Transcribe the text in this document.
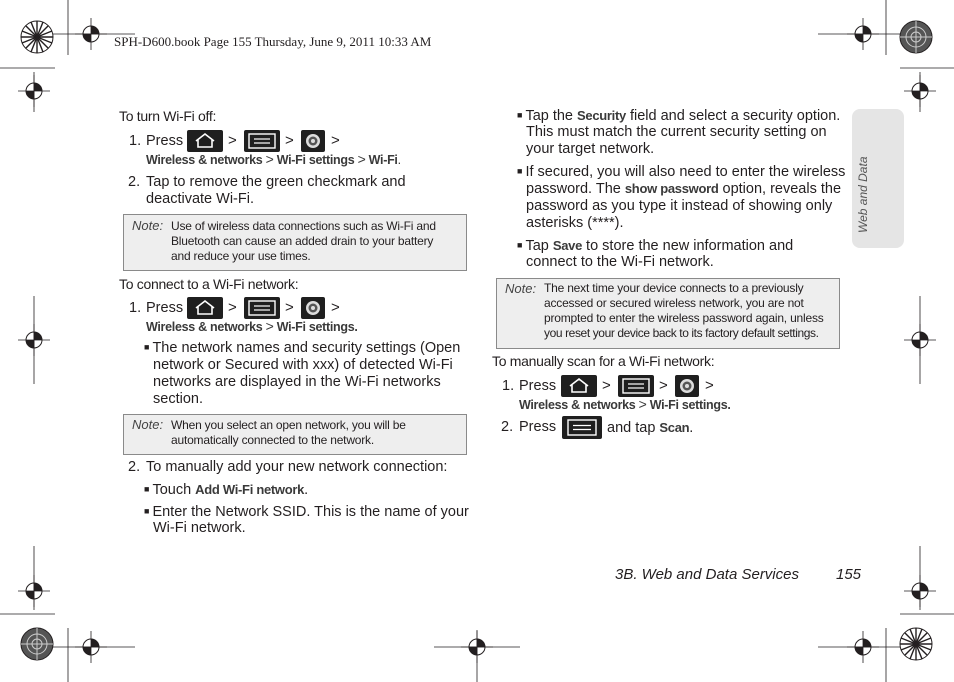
SPH-D600.book Page 155 Thursday, June 9, 2011 10:33 AM
Web and Data
To turn Wi-Fi off:
1. Press	>	> >
Wireless & networks > Wi-Fi settings > Wi-Fi.
2. Tap to remove the green checkmark and
deactivate Wi-Fi.
Note: Use of wireless data connections such as Wi-Fi and
Bluetooth can cause an added drain to your battery
and reduce your use times.
To connect to a Wi-Fi network:
1. Press	>	> >
Wireless & networks > Wi-Fi settings.
■ The network names and security settings (Open
network or Secured with xxx) of detected Wi-Fi
networks are displayed in the Wi-Fi networks
section.
Note: When you select an open network, you will be
automatically connected to the network.
2. To manually add your new network connection:
■ Touch Add Wi-Fi network.
■ Enter the Network SSID. This is the name of your
Wi-Fi network.
■ Tap the Security field and select a security option.
This must match the current security setting on
your target network.
■ If secured, you will also need to enter the wireless
password. The show password option, reveals the
password as you type it instead of showing only
asterisks (****).
■ Tap Save to store the new information and
connect to the Wi-Fi network.
Note: The next time your device connects to a previously
accessed or secured wireless network, you are not
prompted to enter the wireless password again, unless
you reset your device back to its factory default settings.
To manually scan for a Wi-Fi network:
1. Press	>	> >
Wireless & networks > Wi-Fi settings.
2. Press	and tap Scan.
3B. Web and Data Services 155
